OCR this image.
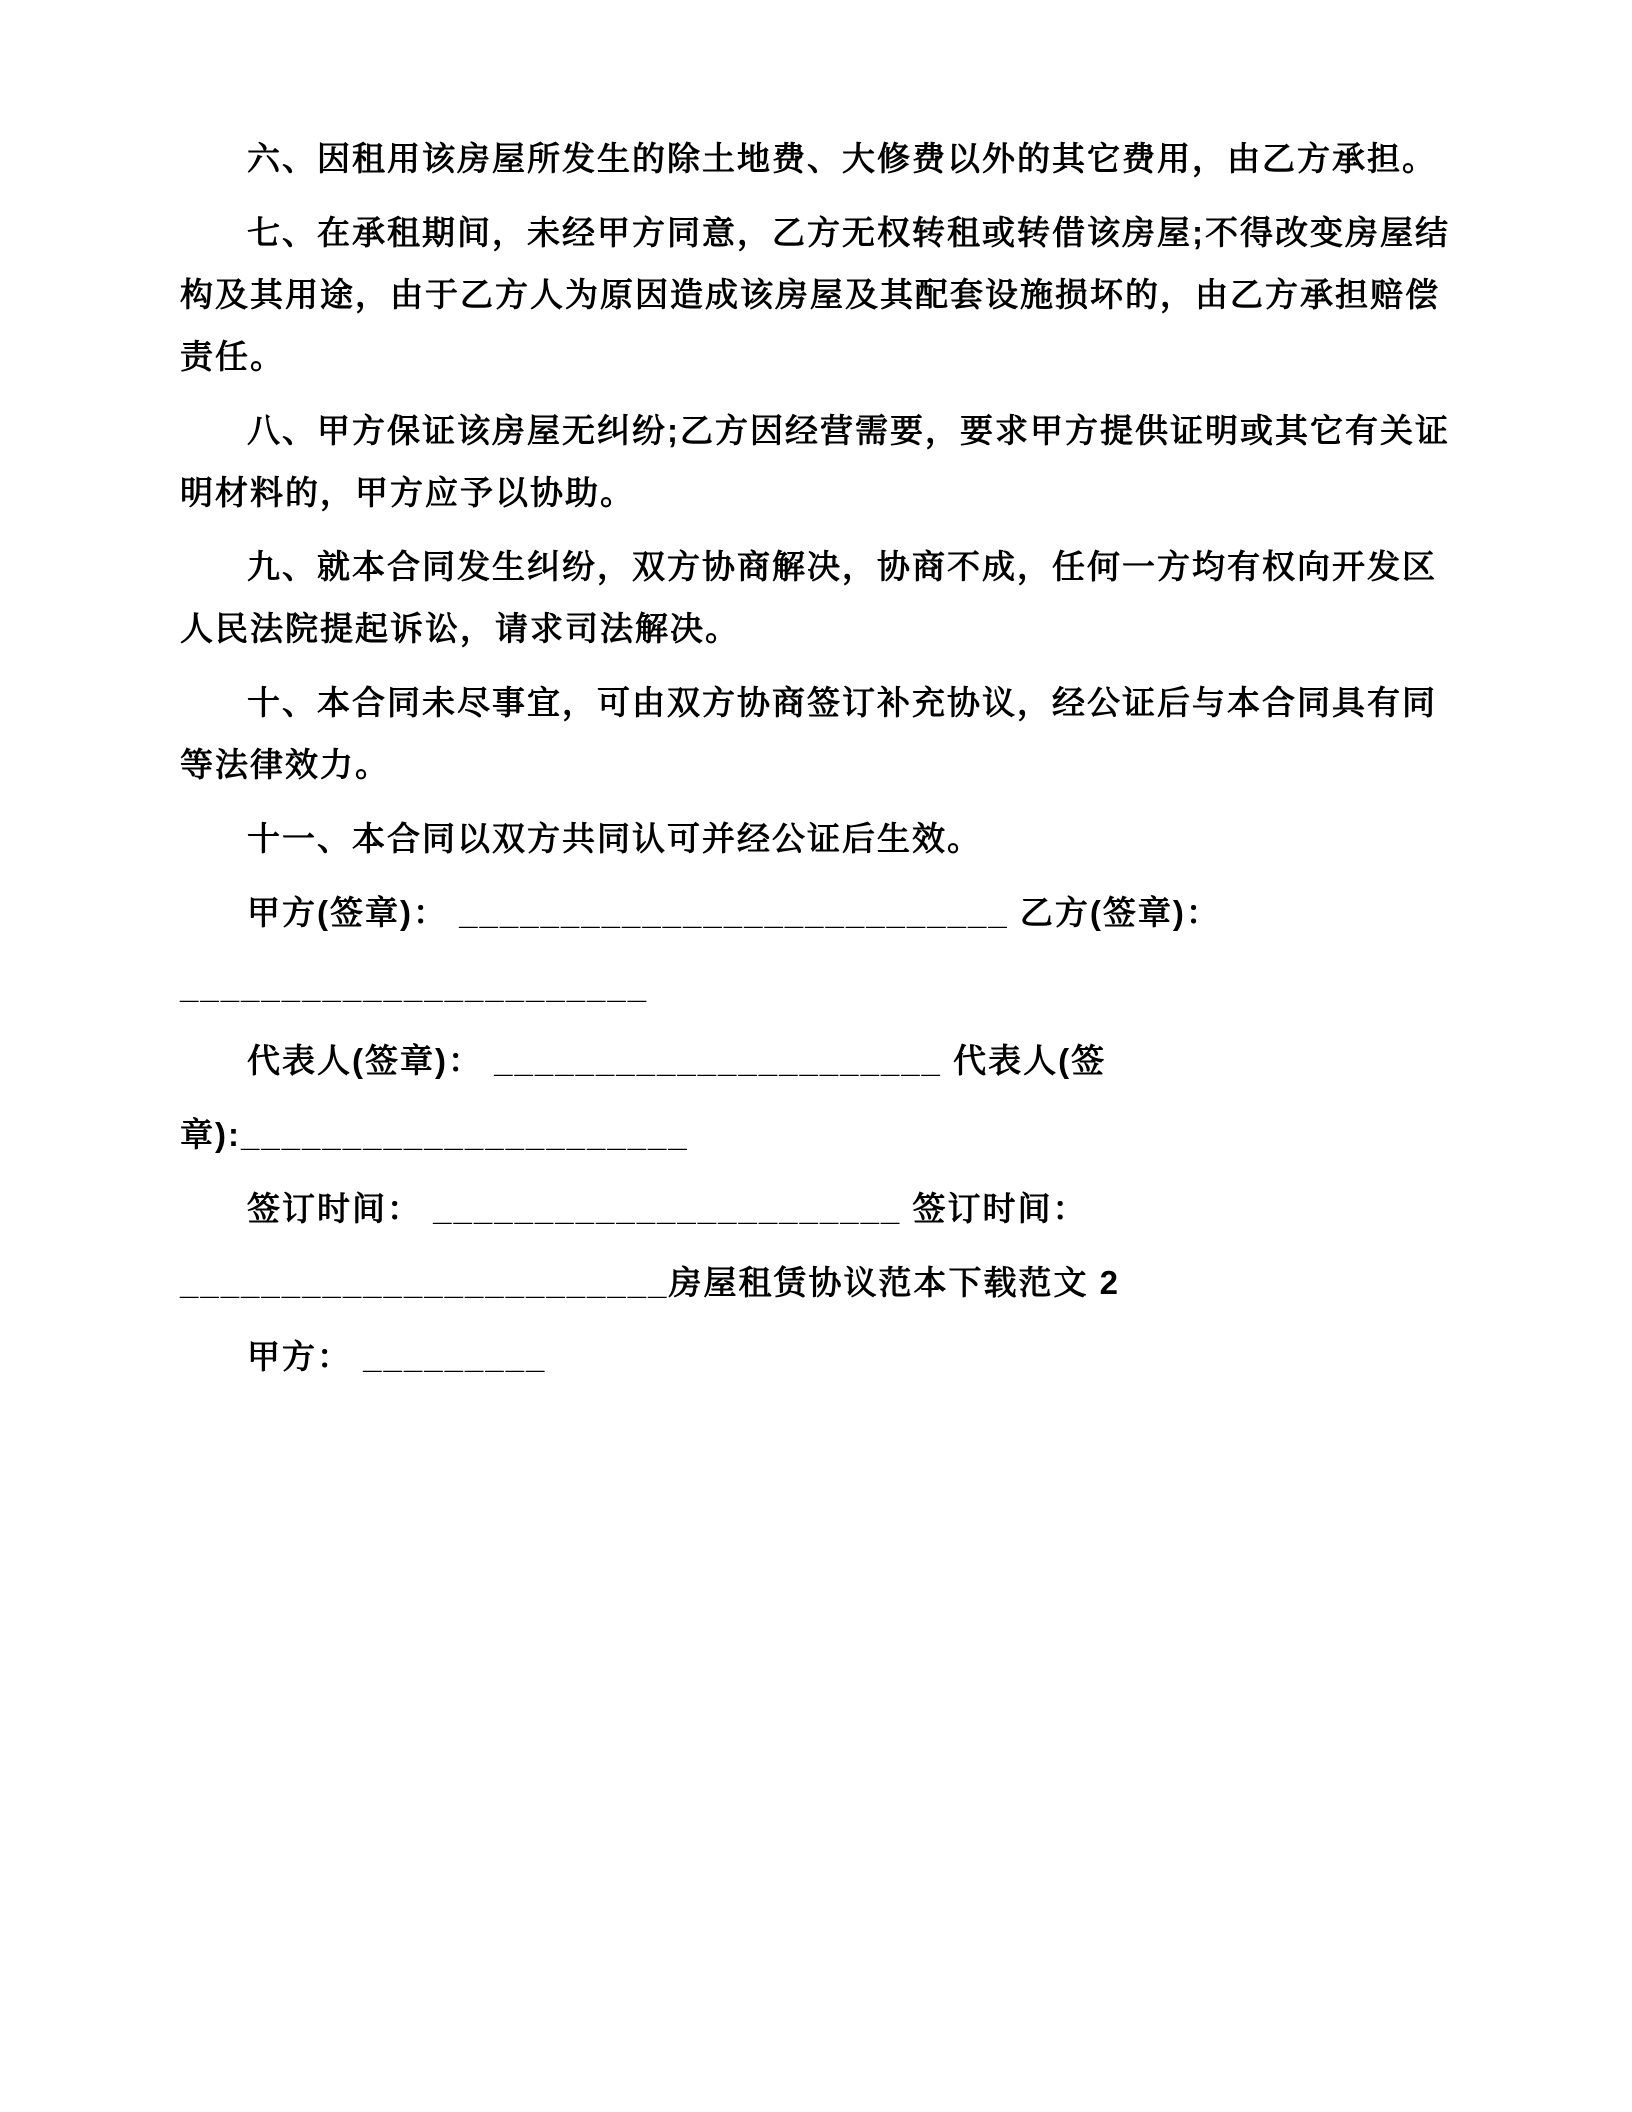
六、因租用该房屋所发生的除土地费、大修费以外的其它费用，由乙方承担。

七、在承租期间，未经甲方同意，乙方无权转租或转借该房屋;不得改变房屋结构及其用途，由于乙方人为原因造成该房屋及其配套设施损坏的，由乙方承担赔偿责任。

八、甲方保证该房屋无纠纷;乙方因经营需要，要求甲方提供证明或其它有关证明材料的，甲方应予以协助。

九、就本合同发生纠纷，双方协商解决，协商不成，任何一方均有权向开发区人民法院提起诉讼，请求司法解决。

十、本合同未尽事宜，可由双方协商签订补充协议，经公证后与本合同具有同等法律效力。

十一、本合同以双方共同认可并经公证后生效。

甲方(签章)： ___________________________ 乙方(签章)：

_______________________

代表人(签章)： ______________________ 代表人(签

章):______________________

签订时间： _______________________ 签订时间：

________________________房屋租赁协议范本下载范文 2

甲方： _________
